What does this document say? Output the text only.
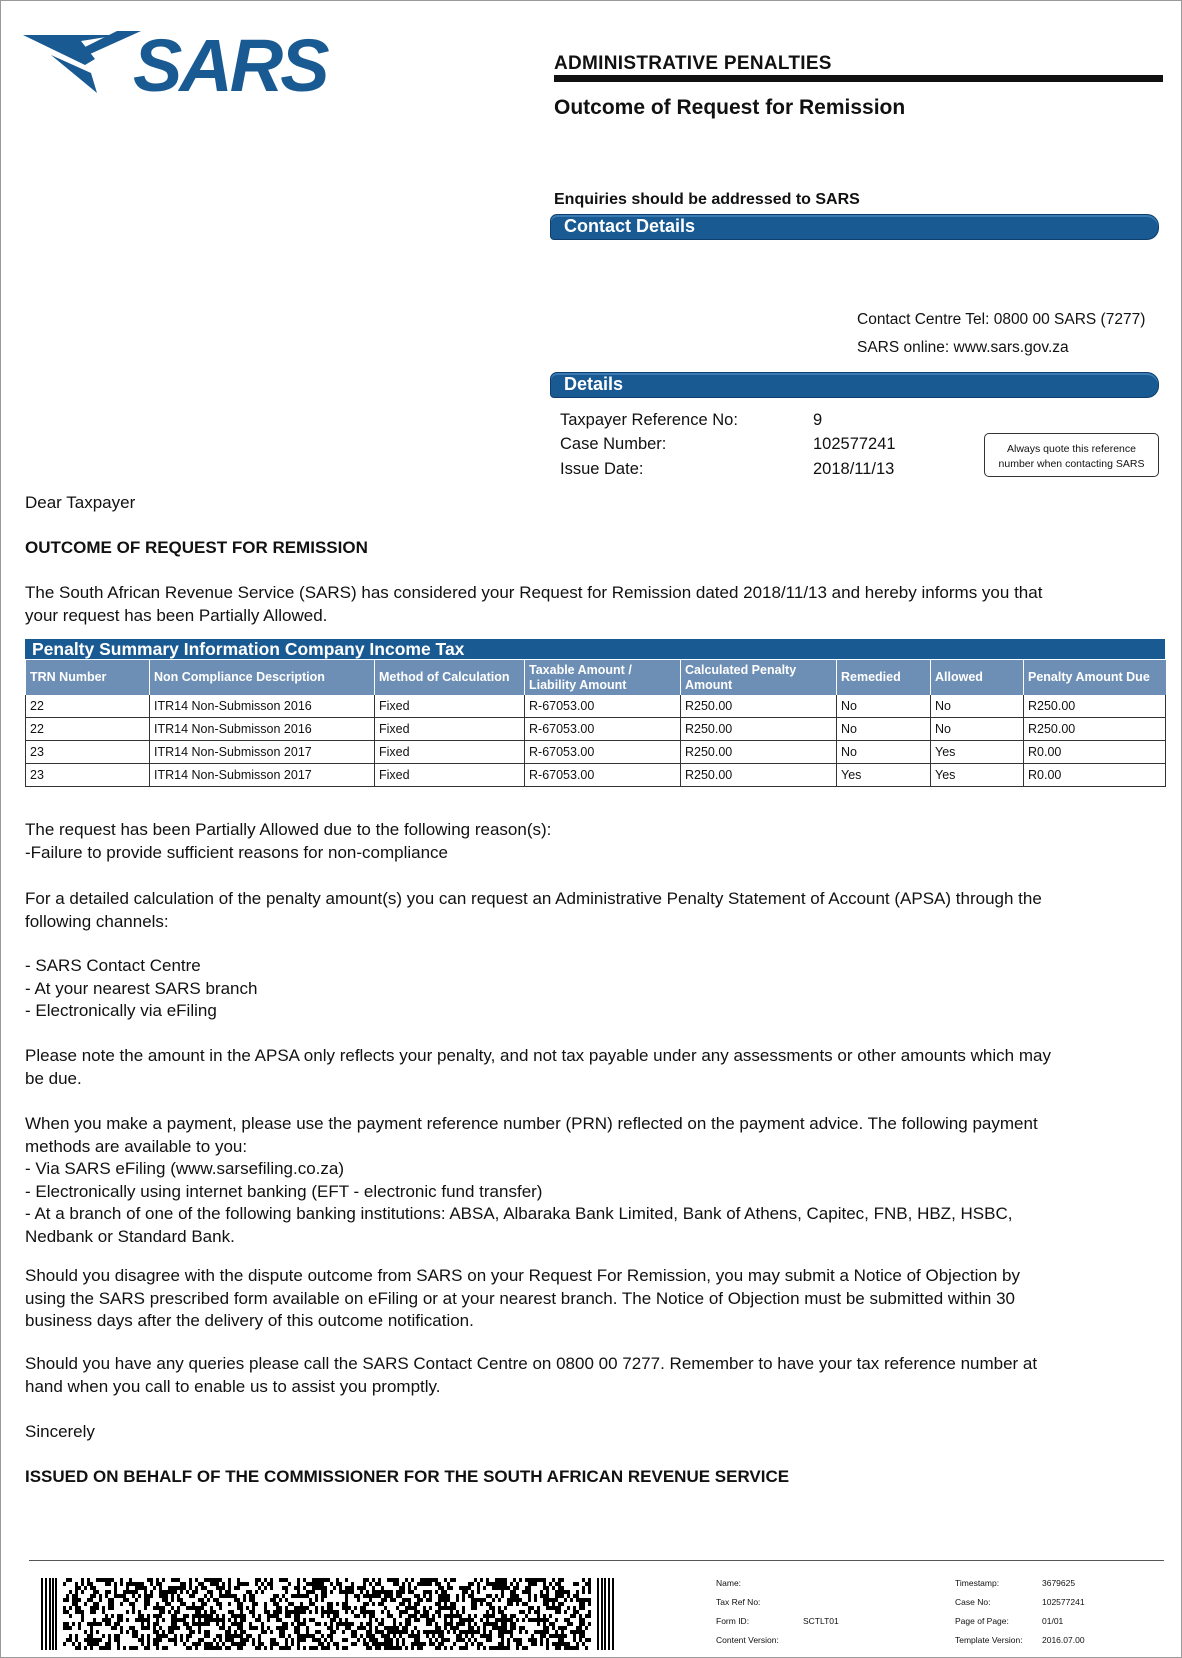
SARS	ADMINISTRATIVE PENALTIES
Outcome of Request for Remission
Enquiries should be addressed to SARS
Contact Details
Contact Centre Tel: 0800 00 SARS (7277)
SARS online: www.sars.gov.za
Details
Taxpayer Reference No:	9
Case Number:	102577241
Issue Date:	2018/11/13
Always quote this reference
number when contacting SARS
Dear Taxpayer
OUTCOME OF REQUEST FOR REMISSION
The South African Revenue Service (SARS) has considered your Request for Remission dated 2018/11/13 and hereby informs you that
your request has been Partially Allowed.
Penalty Summary Information Company Income Tax
TRN Number	Non Compliance Description	Method of Calculation	Taxable Amount / Liability Amount	Calculated Penalty Amount	Remedied	Allowed	Penalty Amount Due
22	ITR14 Non-Submisson 2016	Fixed	R-67053.00	R250.00	No	No	R250.00
22	ITR14 Non-Submisson 2016	Fixed	R-67053.00	R250.00	No	No	R250.00
23	ITR14 Non-Submisson 2017	Fixed	R-67053.00	R250.00	No	Yes	R0.00
23	ITR14 Non-Submisson 2017	Fixed	R-67053.00	R250.00	Yes	Yes	R0.00
The request has been Partially Allowed due to the following reason(s):
-Failure to provide sufficient reasons for non-compliance
For a detailed calculation of the penalty amount(s) you can request an Administrative Penalty Statement of Account (APSA) through the
following channels:
- SARS Contact Centre
- At your nearest SARS branch
- Electronically via eFiling
Please note the amount in the APSA only reflects your penalty, and not tax payable under any assessments or other amounts which may
be due.
When you make a payment, please use the payment reference number (PRN) reflected on the payment advice. The following payment
methods are available to you:
- Via SARS eFiling (www.sarsefiling.co.za)
- Electronically using internet banking (EFT - electronic fund transfer)
- At a branch of one of the following banking institutions: ABSA, Albaraka Bank Limited, Bank of Athens, Capitec, FNB, HBZ, HSBC,
Nedbank or Standard Bank.
Should you disagree with the dispute outcome from SARS on your Request For Remission, you may submit a Notice of Objection by
using the SARS prescribed form available on eFiling or at your nearest branch. The Notice of Objection must be submitted within 30
business days after the delivery of this outcome notification.
Should you have any queries please call the SARS Contact Centre on 0800 00 7277. Remember to have your tax reference number at
hand when you call to enable us to assist you promptly.
Sincerely
ISSUED ON BEHALF OF THE COMMISSIONER FOR THE SOUTH AFRICAN REVENUE SERVICE
Name:
Tax Ref No:
Form ID:	SCTLT01
Content Version:
Timestamp:	3679625
Case No:	102577241
Page of Page:	01/01
Template Version: 2016.07.00
